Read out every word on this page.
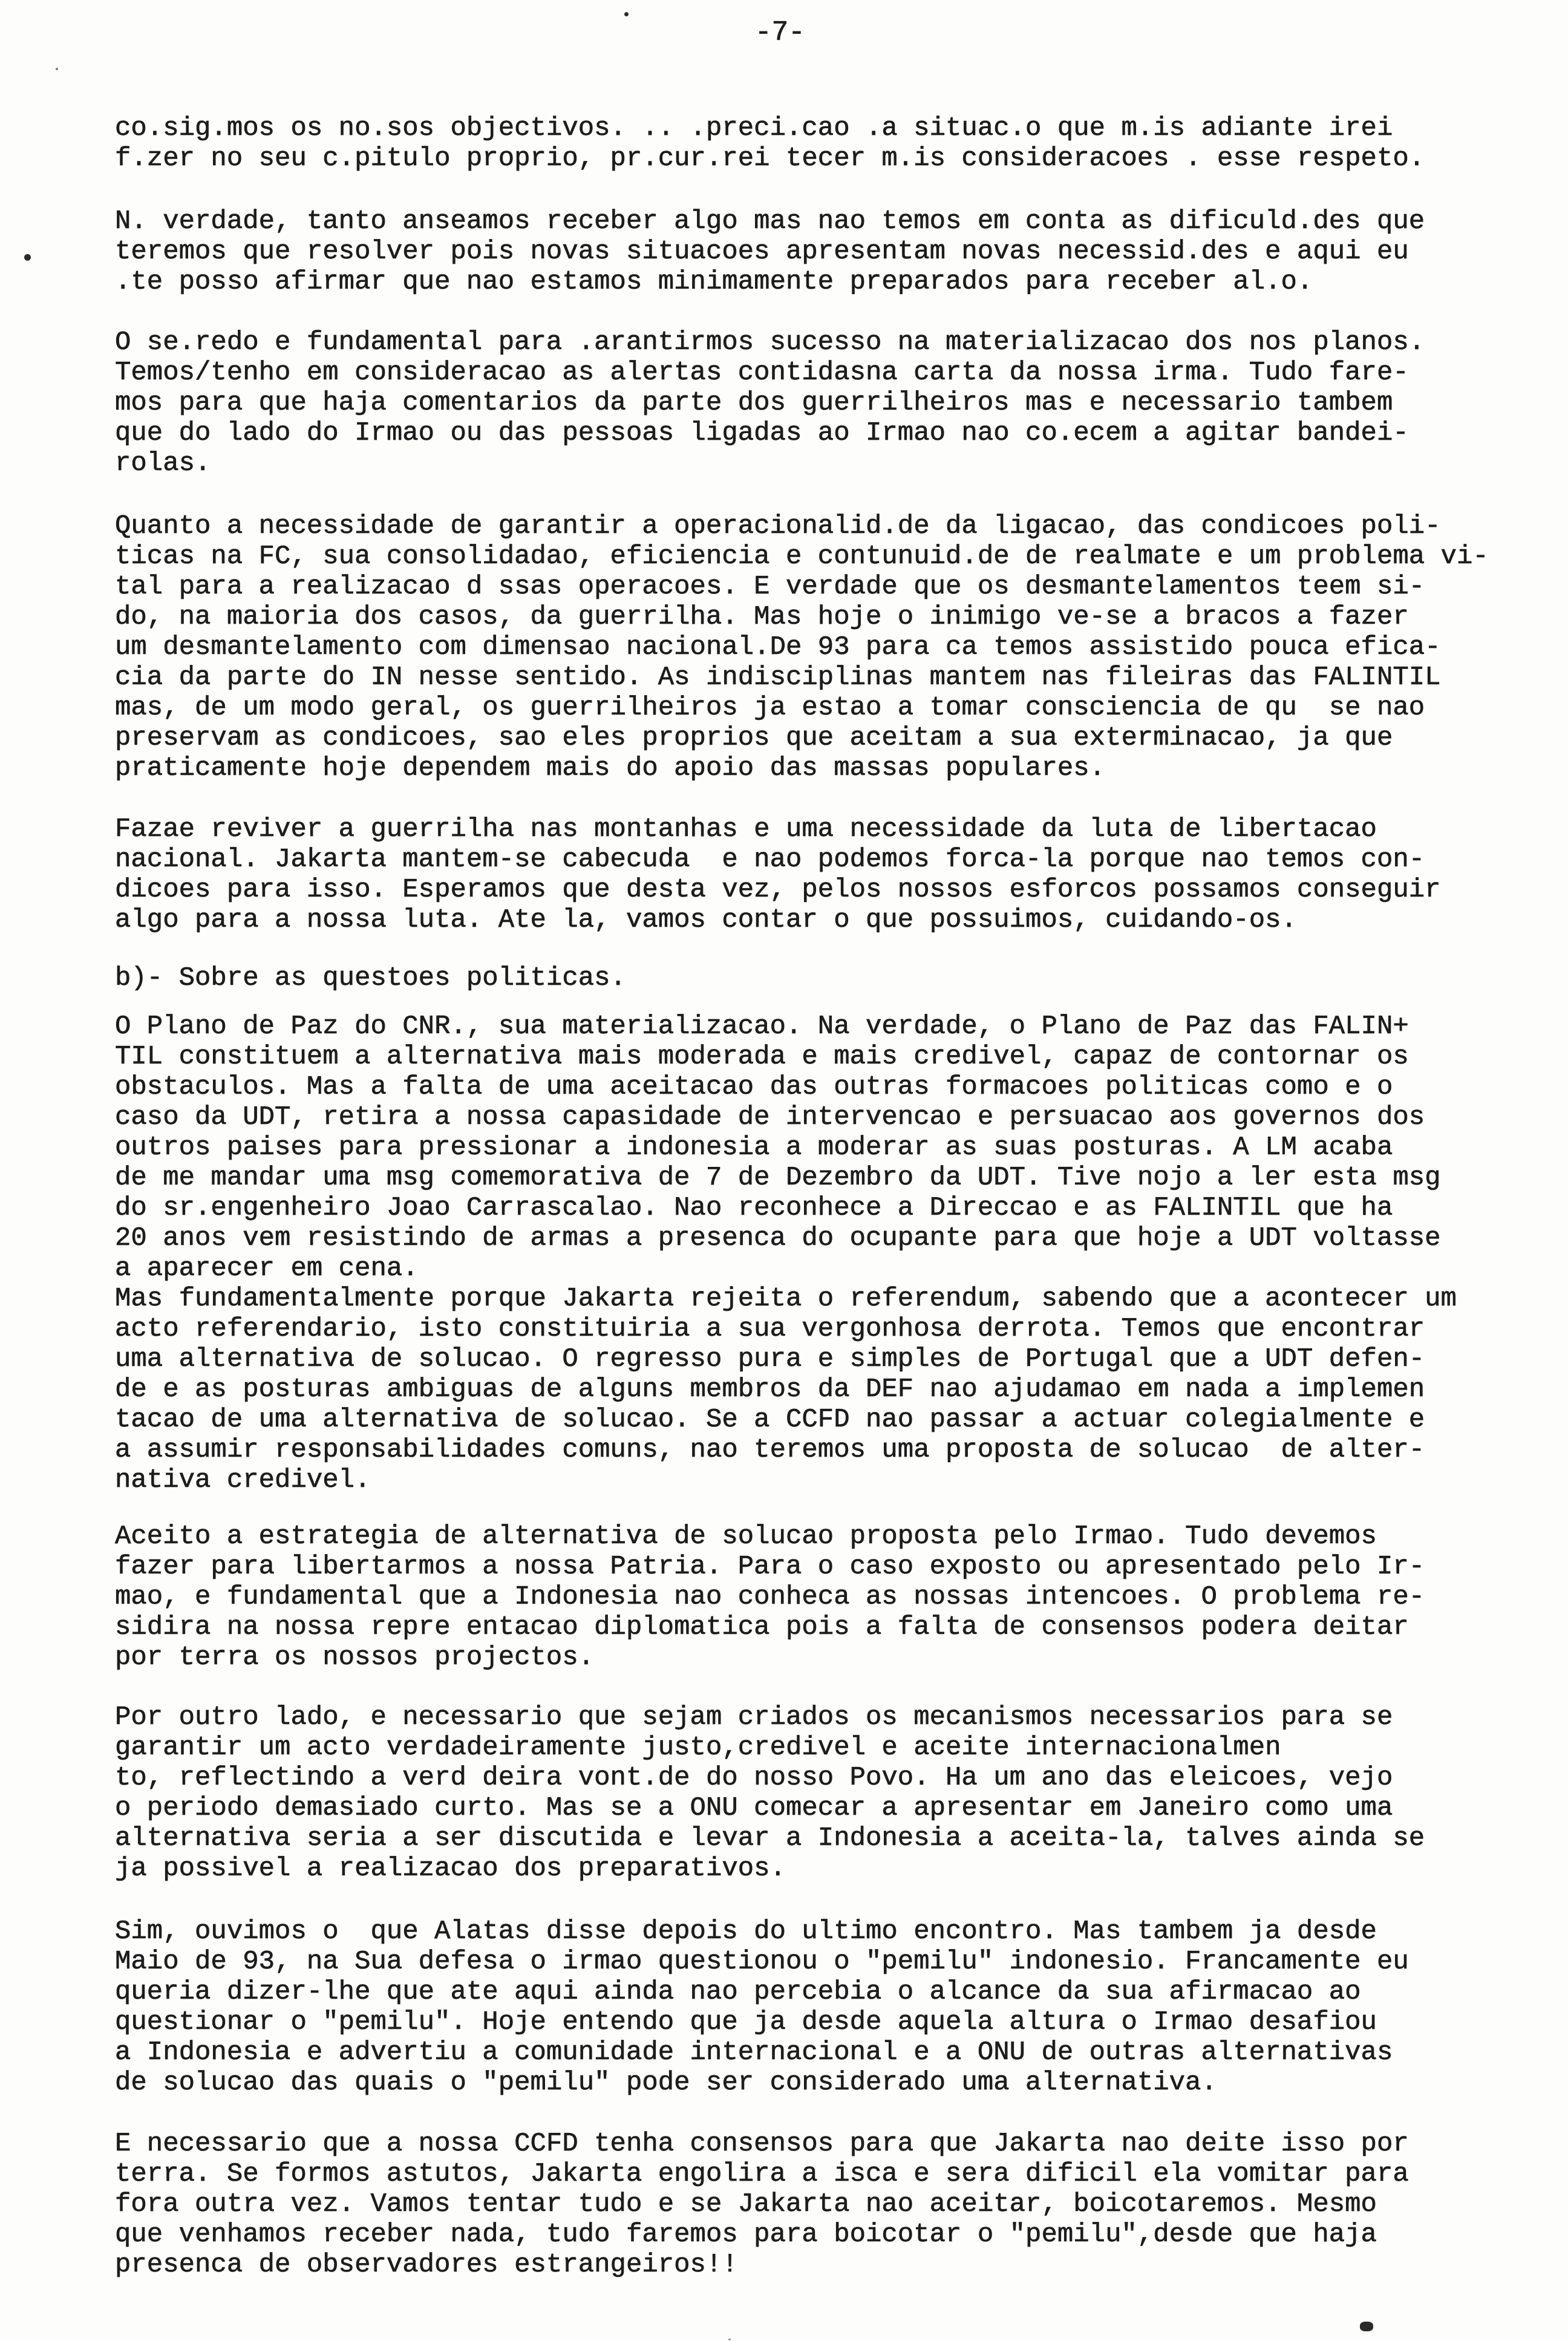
-7-
co.sig.mos os no.sos objectivos. .. .preci.cao .a situac.o que m.is adiante irei
f.zer no seu c.pitulo proprio, pr.cur.rei tecer m.is consideracoes . esse respeto.
N. verdade, tanto anseamos receber algo mas nao temos em conta as dificuld.des que
teremos que resolver pois novas situacoes apresentam novas necessid.des e aqui eu
.te posso afirmar que nao estamos minimamente preparados para receber al.o.
O se.redo e fundamental para .arantirmos sucesso na materializacao dos nos planos.
Temos/tenho em consideracao as alertas contidasna carta da nossa irma. Tudo fare-
mos para que haja comentarios da parte dos guerrilheiros mas e necessario tambem
que do lado do Irmao ou das pessoas ligadas ao Irmao nao co.ecem a agitar bandei-
rolas.
Quanto a necessidade de garantir a operacionalid.de da ligacao, das condicoes poli-
ticas na FC, sua consolidadao, eficiencia e contunuid.de de realmate e um problema vi-
tal para a realizacao d ssas operacoes. E verdade que os desmantelamentos teem si-
do, na maioria dos casos, da guerrilha. Mas hoje o inimigo ve-se a bracos a fazer
um desmantelamento com dimensao nacional.De 93 para ca temos assistido pouca efica-
cia da parte do IN nesse sentido. As indisciplinas mantem nas fileiras das FALINTIL
mas, de um modo geral, os guerrilheiros ja estao a tomar consciencia de qu  se nao
preservam as condicoes, sao eles proprios que aceitam a sua exterminacao, ja que
praticamente hoje dependem mais do apoio das massas populares.
Fazae reviver a guerrilha nas montanhas e uma necessidade da luta de libertacao
nacional. Jakarta mantem-se cabecuda  e nao podemos forca-la porque nao temos con-
dicoes para isso. Esperamos que desta vez, pelos nossos esforcos possamos conseguir
algo para a nossa luta. Ate la, vamos contar o que possuimos, cuidando-os.
b)- Sobre as questoes politicas.
O Plano de Paz do CNR., sua materializacao. Na verdade, o Plano de Paz das FALIN+
TIL constituem a alternativa mais moderada e mais credivel, capaz de contornar os
obstaculos. Mas a falta de uma aceitacao das outras formacoes politicas como e o
caso da UDT, retira a nossa capasidade de intervencao e persuacao aos governos dos
outros paises para pressionar a indonesia a moderar as suas posturas. A LM acaba
de me mandar uma msg comemorativa de 7 de Dezembro da UDT. Tive nojo a ler esta msg
do sr.engenheiro Joao Carrascalao. Nao reconhece a Direccao e as FALINTIL que ha
20 anos vem resistindo de armas a presenca do ocupante para que hoje a UDT voltasse
a aparecer em cena.
Mas fundamentalmente porque Jakarta rejeita o referendum, sabendo que a acontecer um
acto referendario, isto constituiria a sua vergonhosa derrota. Temos que encontrar
uma alternativa de solucao. O regresso pura e simples de Portugal que a UDT defen-
de e as posturas ambiguas de alguns membros da DEF nao ajudamao em nada a implemen
tacao de uma alternativa de solucao. Se a CCFD nao passar a actuar colegialmente e
a assumir responsabilidades comuns, nao teremos uma proposta de solucao  de alter-
nativa credivel.
Aceito a estrategia de alternativa de solucao proposta pelo Irmao. Tudo devemos
fazer para libertarmos a nossa Patria. Para o caso exposto ou apresentado pelo Ir-
mao, e fundamental que a Indonesia nao conheca as nossas intencoes. O problema re-
sidira na nossa repre entacao diplomatica pois a falta de consensos podera deitar
por terra os nossos projectos.
Por outro lado, e necessario que sejam criados os mecanismos necessarios para se
garantir um acto verdadeiramente justo,credivel e aceite internacionalmen
to, reflectindo a verd deira vont.de do nosso Povo. Ha um ano das eleicoes, vejo
o periodo demasiado curto. Mas se a ONU comecar a apresentar em Janeiro como uma
alternativa seria a ser discutida e levar a Indonesia a aceita-la, talves ainda se
ja possivel a realizacao dos preparativos.
Sim, ouvimos o  que Alatas disse depois do ultimo encontro. Mas tambem ja desde
Maio de 93, na Sua defesa o irmao questionou o "pemilu" indonesio. Francamente eu
queria dizer-lhe que ate aqui ainda nao percebia o alcance da sua afirmacao ao
questionar o "pemilu". Hoje entendo que ja desde aquela altura o Irmao desafiou
a Indonesia e advertiu a comunidade internacional e a ONU de outras alternativas
de solucao das quais o "pemilu" pode ser considerado uma alternativa.
E necessario que a nossa CCFD tenha consensos para que Jakarta nao deite isso por
terra. Se formos astutos, Jakarta engolira a isca e sera dificil ela vomitar para
fora outra vez. Vamos tentar tudo e se Jakarta nao aceitar, boicotaremos. Mesmo
que venhamos receber nada, tudo faremos para boicotar o "pemilu",desde que haja
presenca de observadores estrangeiros!!
